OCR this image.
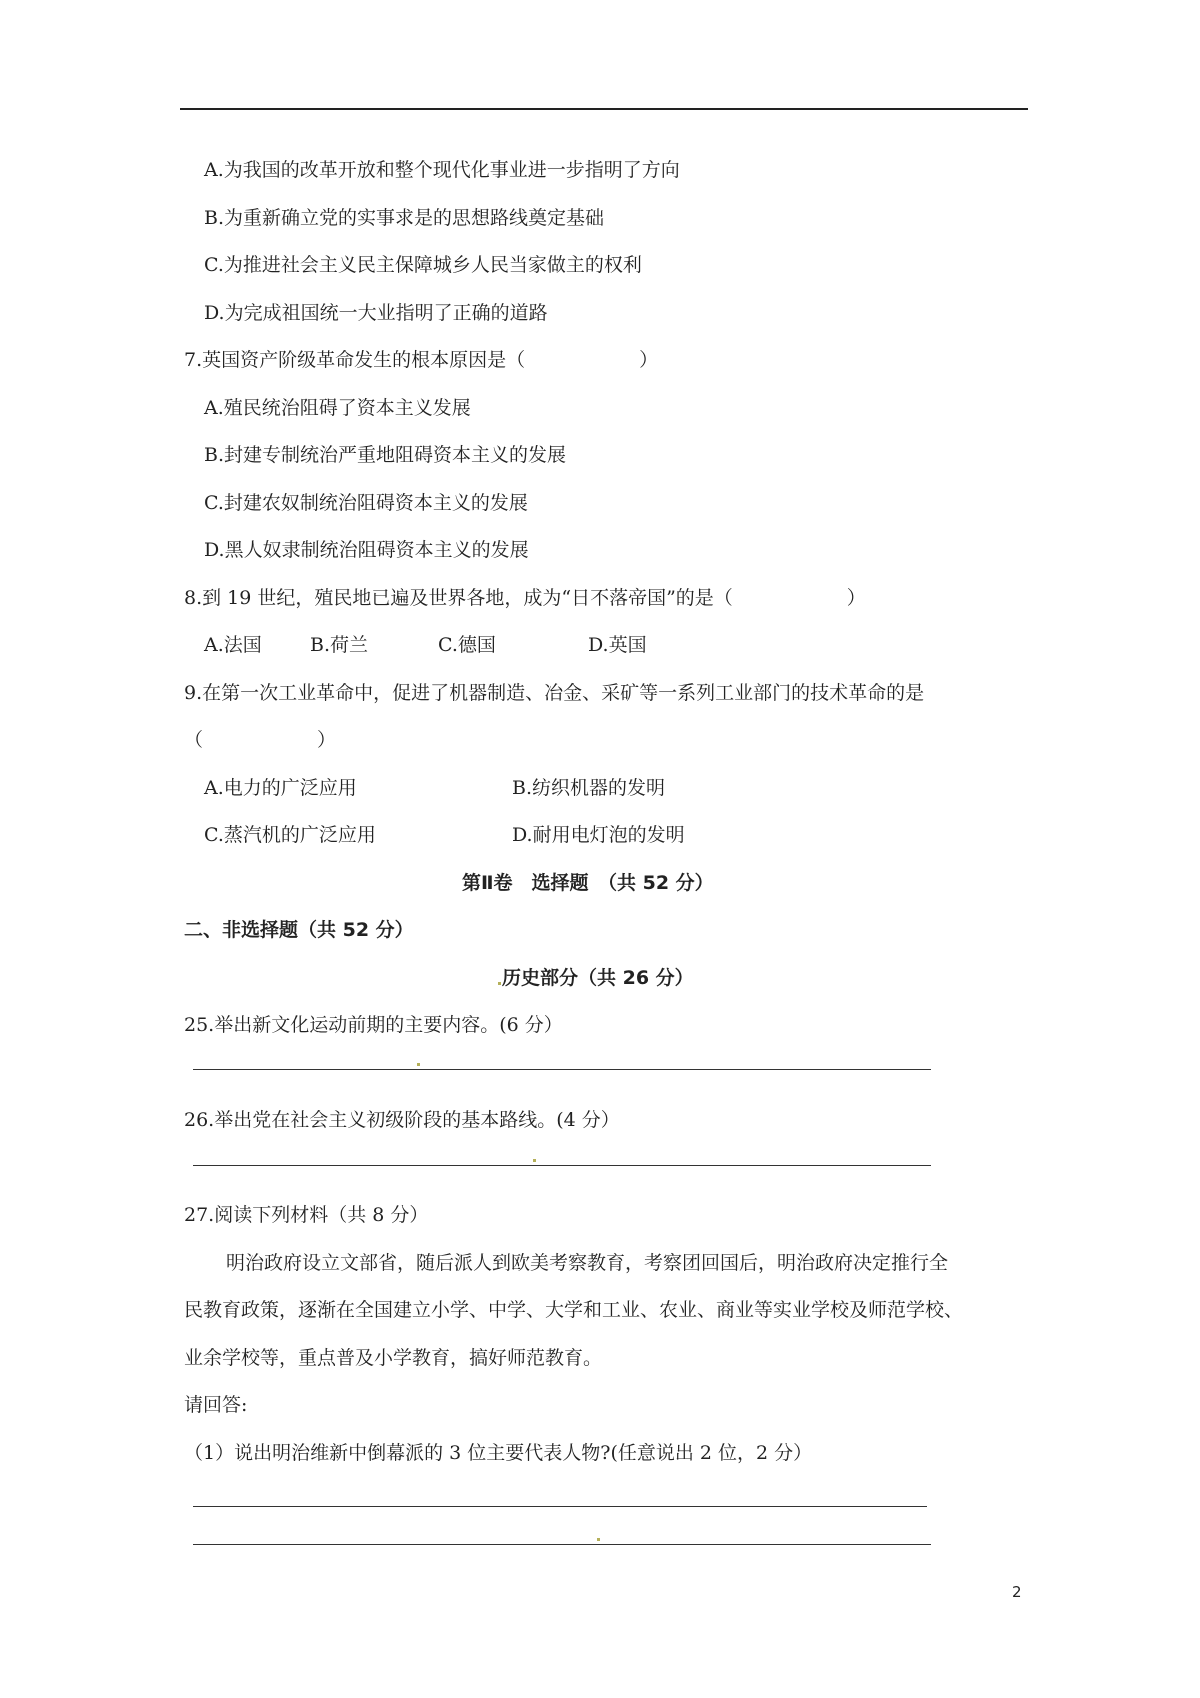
A.为我国的改革开放和整个现代化事业进一步指明了方向
B.为重新确立党的实事求是的思想路线奠定基础
C.为推进社会主义民主保障城乡人民当家做主的权利
D.为完成祖国统一大业指明了正确的道路
7.英国资产阶级革命发生的根本原因是（　　　　　　）
A.殖民统治阻碍了资本主义发展
B.封建专制统治严重地阻碍资本主义的发展
C.封建农奴制统治阻碍资本主义的发展
D.黑人奴隶制统治阻碍资本主义的发展
8.到 19 世纪，殖民地已遍及世界各地，成为“日不落帝国”的是（　　　　　　）
A.法国	B.荷兰	C.德国	D.英国
9.在第一次工业革命中，促进了机器制造、冶金、采矿等一系列工业部门的技术革命的是
（　　　　　　）
A.电力的广泛应用	B.纺织机器的发明
C.蒸汽机的广泛应用	D.耐用电灯泡的发明
第Ⅱ卷　选择题　（共 52 分）
二、非选择题（共 52 分）
历史部分（共 26 分）
25.举出新文化运动前期的主要内容。(6 分）
26.举出党在社会主义初级阶段的基本路线。(4 分）
27.阅读下列材料（共 8 分）
明治政府设立文部省，随后派人到欧美考察教育，考察团回国后，明治政府决定推行全
民教育政策，逐渐在全国建立小学、中学、大学和工业、农业、商业等实业学校及师范学校、
业余学校等，重点普及小学教育，搞好师范教育。
请回答:
（1）说出明治维新中倒幕派的 3 位主要代表人物?(任意说出 2 位，2 分）
2
